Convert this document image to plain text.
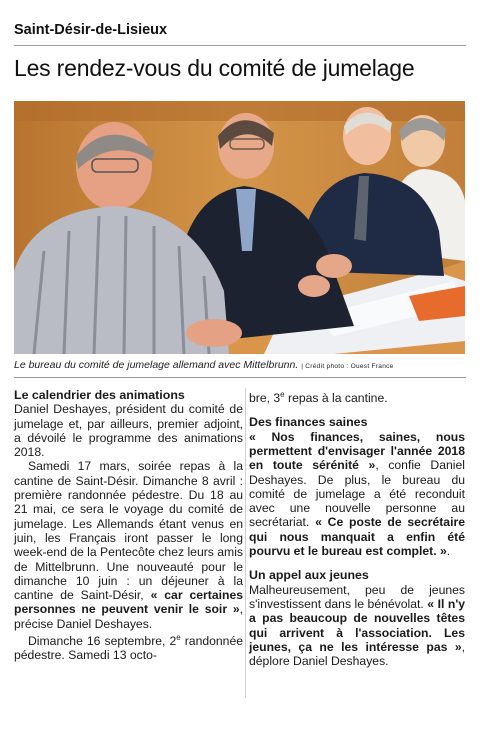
Saint-Désir-de-Lisieux
Les rendez-vous du comité de jumelage
Le bureau du comité de jumelage allemand avec Mittelbrunn. | Crédit photo : Ouest France

Le calendrier des animations

Daniel Deshayes, président du comité de jumelage et, par ailleurs, premier adjoint, a dévoilé le programme des animations 2018.

Samedi 17 mars, soirée repas à la cantine de Saint-Désir. Dimanche 8 avril : première randonnée pédestre. Du 18 au 21 mai, ce sera le voyage du comité de jumelage. Les Allemands étant venus en juin, les Français iront passer le long week-end de la Pentecôte chez leurs amis de Mittelbrunn. Une nouveauté pour le dimanche 10 juin : un déjeuner à la cantine de Saint-Désir, « car certaines personnes ne peuvent venir le soir », précise Daniel Deshayes.

Dimanche 16 septembre, 2e randonnée pédestre. Samedi 13 octo-

bre, 3e repas à la cantine.

Des finances saines

« Nos finances, saines, nous permettent d'envisager l'année 2018 en toute sérénité », confie Daniel Deshayes. De plus, le bureau du comité de jumelage a été reconduit avec une nouvelle personne au secrétariat. « Ce poste de secrétaire qui nous manquait a enfin été pourvu et le bureau est complet. ».

Un appel aux jeunes

Malheureusement, peu de jeunes s'investissent dans le bénévolat. « Il n'y a pas beaucoup de nouvelles têtes qui arrivent à l'association. Les jeunes, ça ne les intéresse pas », déplore Daniel Deshayes.
